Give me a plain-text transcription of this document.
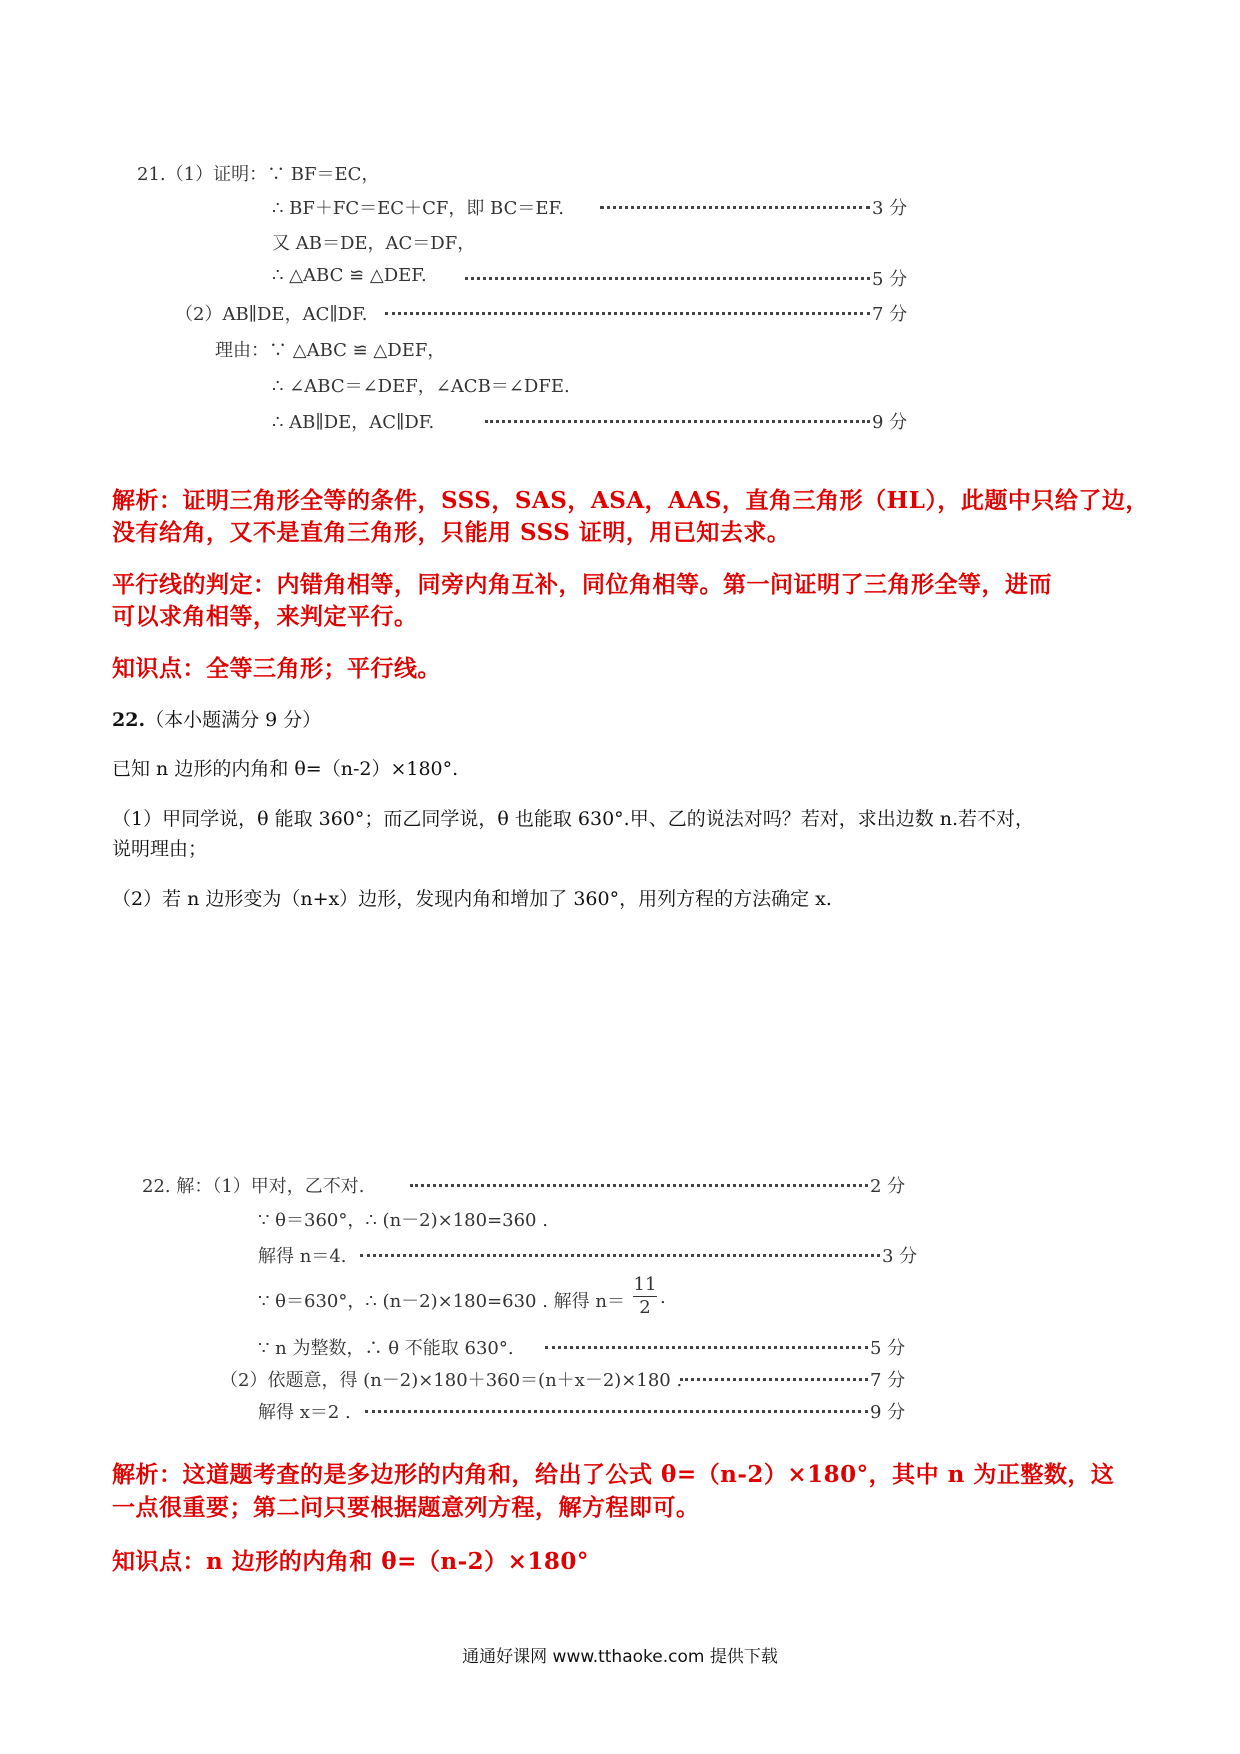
21.（1）证明：∵ BF＝EC，
∴ BF＋FC＝EC＋CF，即 BC＝EF.	3 分
又 AB＝DE，AC＝DF，
∴ △ABC ≌ △DEF.	5 分
（2）AB∥DE，AC∥DF.	7 分
理由：∵ △ABC ≌ △DEF，
∴ ∠ABC＝∠DEF，∠ACB＝∠DFE.
∴ AB∥DE，AC∥DF.	9 分
解析：证明三角形全等的条件，SSS，SAS，ASA，AAS，直角三角形（HL），此题中只给了边，
没有给角，又不是直角三角形，只能用 SSS 证明，用已知去求。
平行线的判定：内错角相等，同旁内角互补，同位角相等。第一问证明了三角形全等，进而
可以求角相等，来判定平行。
知识点：全等三角形；平行线。
22.（本小题满分 9 分）
已知 n 边形的内角和 θ=（n-2）×180°.
（1）甲同学说，θ 能取 360°；而乙同学说，θ 也能取 630°.甲、乙的说法对吗？若对，求出边数 n.若不对，
说明理由；
（2）若 n 边形变为（n+x）边形，发现内角和增加了 360°，用列方程的方法确定 x.
22. 解：（1）甲对，乙不对.	2 分
∵ θ＝360°，∴ (n－2)×180=360 .
解得 n＝4.	3 分
∵ θ＝630°，∴ (n－2)×180=630 . 解得 $n= \frac{11}{2}$ .
∵ n 为整数，∴ θ 不能取 630°.	5 分
（2）依题意，得 (n－2)×180＋360＝(n＋x－2)×180 .	7 分
解得 x＝2 .	9 分
解析：这道题考查的是多边形的内角和，给出了公式 θ=（n-2）×180°，其中 n 为正整数，这
一点很重要；第二问只要根据题意列方程，解方程即可。
知识点：n 边形的内角和 θ=（n-2）×180°
通通好课网 www.tthaoke.com 提供下载
